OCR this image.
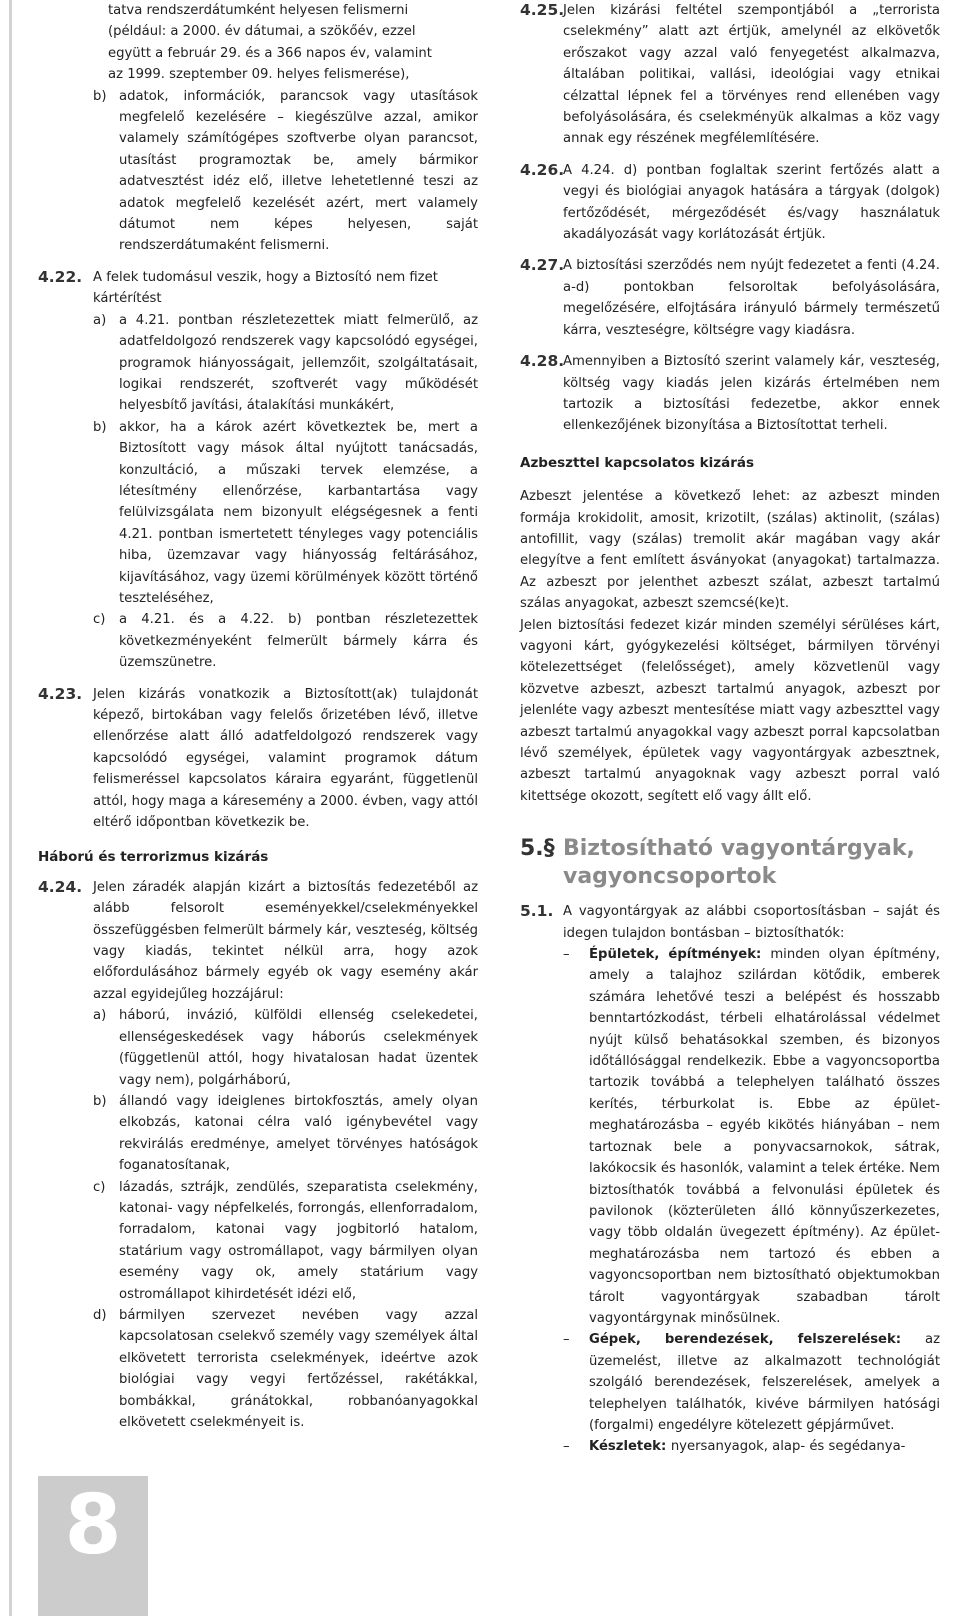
tatva rendszerdátumként helyesen felismerni

(például: a 2000. év dátumai, a szökőév, ezzel

együtt a február 29. és a 366 napos év, valamint

az 1999. szeptember 09. helyes felismerése),

b) adatok, információk, parancsok vagy utasítások megfelelő kezelésére – kiegészülve azzal, amikor valamely számítógépes szoftverbe olyan parancsot, utasítást programoztak be, amely bármikor adatvesztést idéz elő, illetve lehetetlenné teszi az adatok megfelelő kezelését azért, mert valamely dátumot nem képes helyesen, saját rendszerdátumaként felismerni.
4.22. A felek tudomásul veszik, hogy a Biztosító nem fizet kártérítést

a) a 4.21. pontban részletezettek miatt felmerülő, az adatfeldolgozó rendszerek vagy kapcsolódó egységei, programok hiányosságait, jellemzőit, szolgáltatásait, logikai rendszerét, szoftverét vagy működését helyesbítő javítási, átalakítási munkákért,
b) akkor, ha a károk azért következtek be, mert a Biztosított vagy mások által nyújtott tanácsadás, konzultáció, a műszaki tervek elemzése, a létesítmény ellenőrzése, karbantartása vagy felülvizsgálata nem bizonyult elégségesnek a fenti 4.21. pontban ismertetett tényleges vagy potenciális hiba, üzemzavar vagy hiányosság feltárásához, kijavításához, vagy üzemi körülmények között történő teszteléséhez,
c) a 4.21. és a 4.22. b) pontban részletezettek következményeként felmerült bármely kárra és üzemszünetre.
4.23. Jelen kizárás vonatkozik a Biztosított(ak) tulajdonát képező, birtokában vagy felelős őrizetében lévő, illetve ellenőrzése alatt álló adatfeldolgozó rendszerek vagy kapcsolódó egységei, valamint programok dátum felismeréssel kapcsolatos káraira egyaránt, függetlenül attól, hogy maga a káresemény a 2000. évben, vagy attól eltérő időpontban következik be.

Háború és terrorizmus kizárás
4.24. Jelen záradék alapján kizárt a biztosítás fedezetéből az alább felsorolt eseményekkel/cselekményekkel összefüggésben felmerült bármely kár, veszteség, költség vagy kiadás, tekintet nélkül arra, hogy azok előfordulásához bármely egyéb ok vagy esemény akár azzal egyidejűleg hozzájárul:

a) háború, invázió, külföldi ellenség cselekedetei, ellenségeskedések vagy háborús cselekmények (függetlenül attól, hogy hivatalosan hadat üzentek vagy nem), polgárháború,
b) állandó vagy ideiglenes birtokfosztás, amely olyan elkobzás, katonai célra való igénybevétel vagy rekvirálás eredménye, amelyet törvényes hatóságok foganatosítanak,
c) lázadás, sztrájk, zendülés, szeparatista cselekmény, katonai- vagy népfelkelés, forrongás, ellenforradalom, forradalom, katonai vagy jogbitorló hatalom, statárium vagy ostromállapot, vagy bármilyen olyan esemény vagy ok, amely statárium vagy ostromállapot kihirdetését idézi elő,
d) bármilyen szervezet nevében vagy azzal kapcsolatosan cselekvő személy vagy személyek által elkövetett terrorista cselekmények, ideértve azok biológiai vagy vegyi fertőzéssel, rakétákkal, bombákkal, gránátokkal, robbanóanyagokkal elkövetett cselekményeit is.
4.25.

Jelen kizárási feltétel szempontjából a „terrorista cselekmény” alatt azt értjük, amelynél az elkövetők erőszakot vagy azzal való fenyegetést alkalmazva, általában politikai, vallási, ideológiai vagy etnikai célzattal lépnek fel a törvényes rend ellenében vagy befolyásolására, és cselekményük alkalmas a köz vagy annak egy részének megfélemlítésére.

4.26.

A 4.24. d) pontban foglaltak szerint fertőzés alatt a vegyi és biológiai anyagok hatására a tárgyak (dolgok) fertőződését, mérgeződését és/vagy használatuk akadályozását vagy korlátozását értjük.

4.27.

A biztosítási szerződés nem nyújt fedezetet a fenti (4.24. a-d) pontokban felsoroltak befolyásolására, megelőzésére, elfojtására irányuló bármely természetű kárra, veszteségre, költségre vagy kiadásra.

4.28.

Amennyiben a Biztosító szerint valamely kár, veszteség, költség vagy kiadás jelen kizárás értelmében nem tartozik a biztosítási fedezetbe, akkor ennek ellenkezőjének bizonyítása a Biztosítottat terheli.

Azbeszttel kapcsolatos kizárás

Azbeszt jelentése a következő lehet: az azbeszt minden formája krokidolit, amosit, krizotilt, (szálas) aktinolit, (szálas) antofillit, vagy (szálas) tremolit akár magában vagy akár elegyítve a fent említett ásványokat (anyagokat) tartalmazza. Az azbeszt por jelenthet azbeszt szálat, azbeszt tartalmú szálas anyagokat, azbeszt szemcsé(ke)t.

Jelen biztosítási fedezet kizár minden személyi sérüléses kárt, vagyoni kárt, gyógykezelési költséget, bármilyen törvényi kötelezettséget (felelősséget), amely közvetlenül vagy közvetve azbeszt, azbeszt tartalmú anyagok, azbeszt por jelenléte vagy azbeszt mentesítése miatt vagy azbeszttel vagy azbeszt tartalmú anyagokkal vagy azbeszt porral kapcsolatban lévő személyek, épületek vagy vagyontárgyak azbesztnek, azbeszt tartalmú anyagoknak vagy azbeszt porral való kitettsége okozott, segített elő vagy állt elő.

5.§ Biztosítható vagyontárgyak, vagyoncsoportok
5.1. A vagyontárgyak az alábbi csoportosításban – saját és idegen tulajdon bontásban – biztosíthatók:

– Épületek, építmények: minden olyan építmény, amely a talajhoz szilárdan kötődik, emberek számára lehetővé teszi a belépést és hosszabb benntartózkodást, térbeli elhatárolással védelmet nyújt külső behatásokkal szemben, és bizonyos időtállósággal rendelkezik. Ebbe a vagyoncsoportba tartozik továbbá a telephelyen található összes kerítés, térburkolat is. Ebbe az épület-meghatározásba – egyéb kikötés hiányában – nem tartoznak bele a ponyvacsarnokok, sátrak, lakókocsik és hasonlók, valamint a telek értéke. Nem biztosíthatók továbbá a felvonulási épületek és pavilonok (közterületen álló könnyűszerkezetes, vagy több oldalán üvegezett építmény). Az épület-meghatározásba nem tartozó és ebben a vagyoncsoportban nem biztosítható objektumokban tárolt vagyontárgyak szabadban tárolt vagyontárgynak minősülnek.
– Gépek, berendezések, felszerelések: az üzemelést, illetve az alkalmazott technológiát szolgáló berendezések, felszerelések, amelyek a telephelyen találhatók, kivéve bármilyen hatósági (forgalmi) engedélyre kötelezett gépjárművet.
– Készletek: nyersanyagok, alap- és segédanya-
8
